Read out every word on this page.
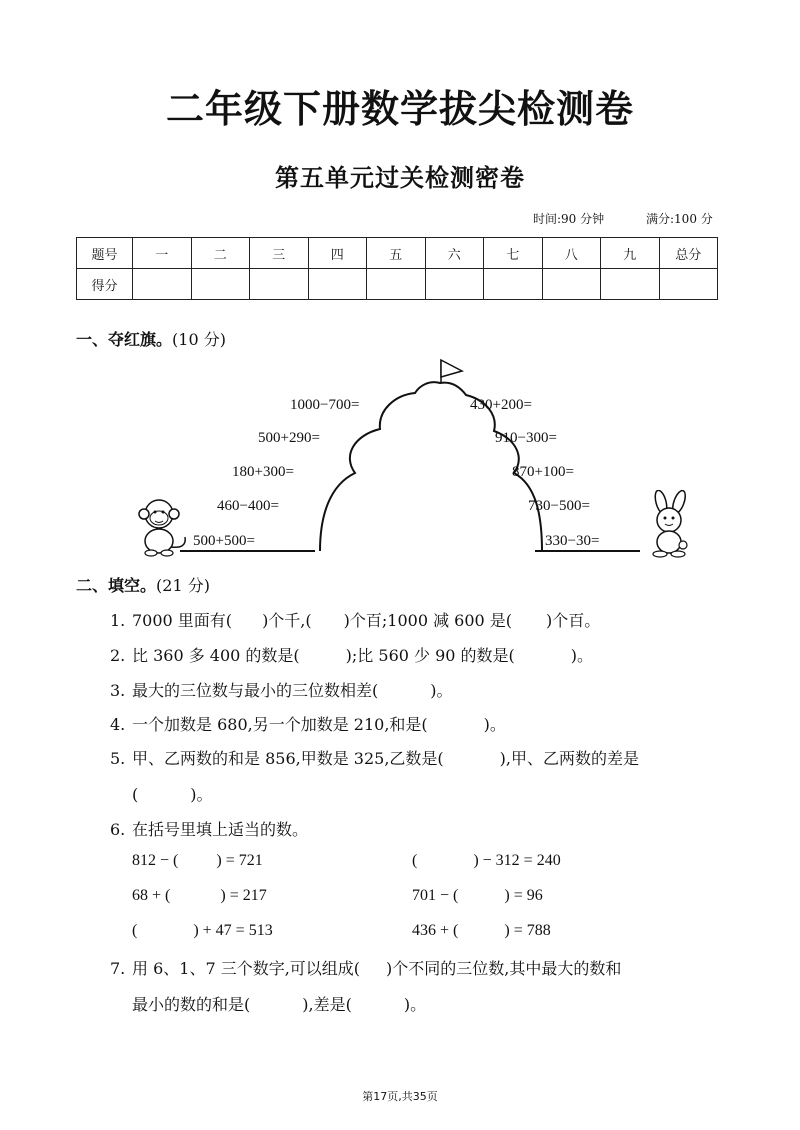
二年级下册数学拔尖检测卷
第五单元过关检测密卷
时间:90 分钟	满分:100 分
题号	一	二	三	四	五	六	七	八	九	总分
得分										
一、夺红旗。(10 分)
1000−700=
500+290=
180+300=
460−400=
500+500=
430+200=
910−300=
870+100=
730−500=
330−30=
二、填空。(21 分)
1. 7000 里面有( )个千,( )个百;1000 减 600 是( )个百。
2. 比 360 多 400 的数是(	);比 560 少 90 的数是(	)。
3. 最大的三位数与最小的三位数相差(	)。
4. 一个加数是 680,另一个加数是 210,和是(	)。
5. 甲、乙两数的和是 856,甲数是 325,乙数是(	),甲、乙两数的差是
(	)。
6. 在括号里填上适当的数。
812 − ( ) = 721	(	) − 312 = 240
68 + (	) = 217	701 − (	) = 96
(	) + 47 = 513	436 + (	) = 788
7. 用 6、1、7 三个数字,可以组成( )个不同的三位数,其中最大的数和
最小的数的和是(	),差是(	)。
第17页,共35页
